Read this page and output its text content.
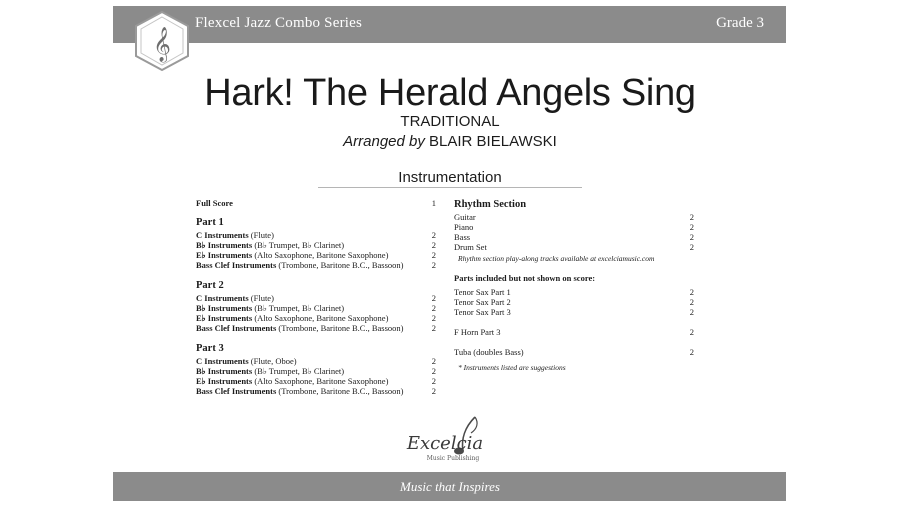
Flexcel Jazz Combo Series	Grade 3
𝄞
Hark! The Herald Angels Sing
TRADITIONAL
Arranged by BLAIR BIELAWSKI
Instrumentation
Full Score	1
Part 1
C Instruments (Flute)	2
B♭ Instruments (B♭ Trumpet, B♭ Clarinet)	2
E♭ Instruments (Alto Saxophone, Baritone Saxophone)	2
Bass Clef Instruments (Trombone, Baritone B.C., Bassoon)	2
Part 2
C Instruments (Flute)	2
B♭ Instruments (B♭ Trumpet, B♭ Clarinet)	2
E♭ Instruments (Alto Saxophone, Baritone Saxophone)	2
Bass Clef Instruments (Trombone, Baritone B.C., Bassoon)	2
Part 3
C Instruments (Flute, Oboe)	2
B♭ Instruments (B♭ Trumpet, B♭ Clarinet)	2
E♭ Instruments (Alto Saxophone, Baritone Saxophone)	2
Bass Clef Instruments (Trombone, Baritone B.C., Bassoon)	2
Rhythm Section
Guitar	2
Piano	2
Bass	2
Drum Set	2
Rhythm section play-along tracks available at excelciamusic.com
Parts included but not shown on score:
Tenor Sax Part 1	2
Tenor Sax Part 2	2
Tenor Sax Part 3	2
F Horn Part 3	2
Tuba (doubles Bass)	2
* Instruments listed are suggestions
Excelcia
Music Publishing
Music that Inspires
